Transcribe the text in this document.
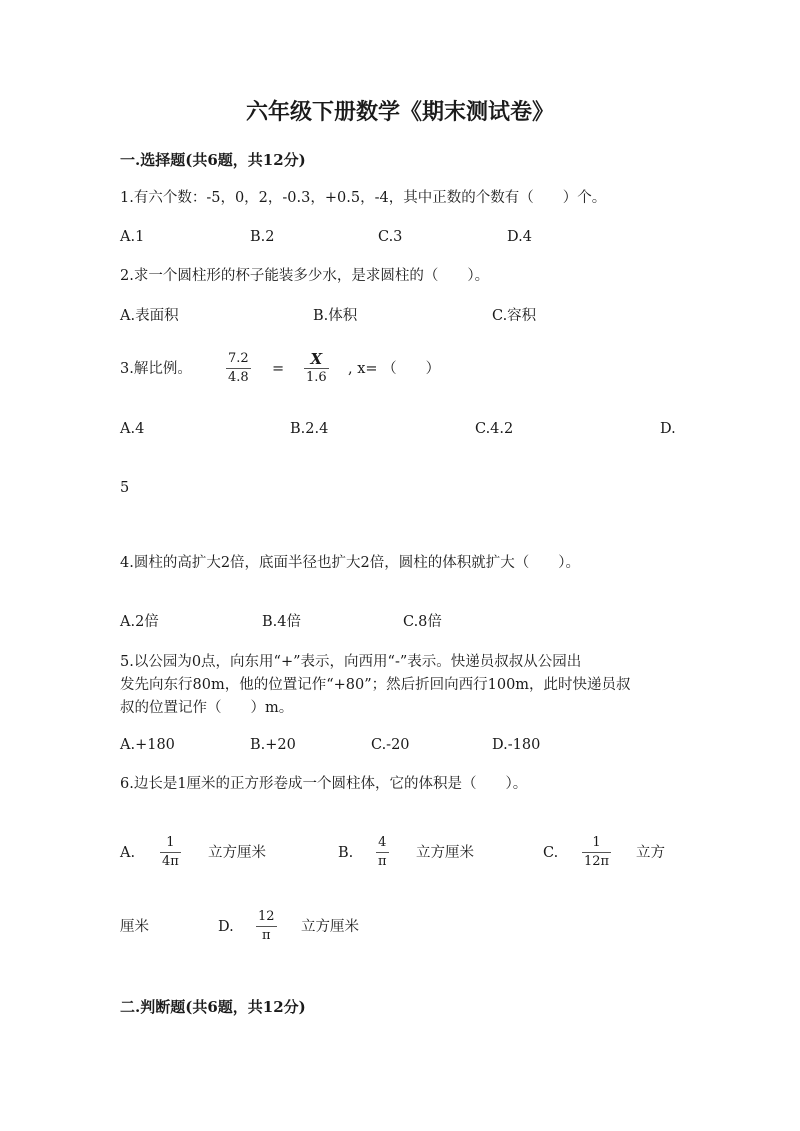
六年级下册数学《期末测试卷》
一.选择题(共6题，共12分)
1.有六个数：-5，0，2，-0.3，+0.5，-4，其中正数的个数有（　　）个。
A.1	B.2	C.3	D.4
2.求一个圆柱形的杯子能装多少水，是求圆柱的（　　）。
A.表面积	B.体积	C.容积
3.解比例。
7.2
4.8
=
X
1.6
, x= （　　）
A.4	B.2.4	C.4.2	D.
5
4.圆柱的高扩大2倍，底面半径也扩大2倍，圆柱的体积就扩大（　　）。
A.2倍	B.4倍	C.8倍
5.以公园为0点，向东用“+”表示，向西用“-”表示。快递员叔叔从公园出
发先向东行80m，他的位置记作“+80”；然后折回向西行100m，此时快递员叔
叔的位置记作（　　）m。
A.+180	B.+20	C.-20	D.-180
6.边长是1厘米的正方形卷成一个圆柱体，它的体积是（　　）。
A.
1
4π
立方厘米	B.
4
π
立方厘米	C.
1
12π
立方
厘米	D.
12
π
立方厘米
二.判断题(共6题，共12分)
